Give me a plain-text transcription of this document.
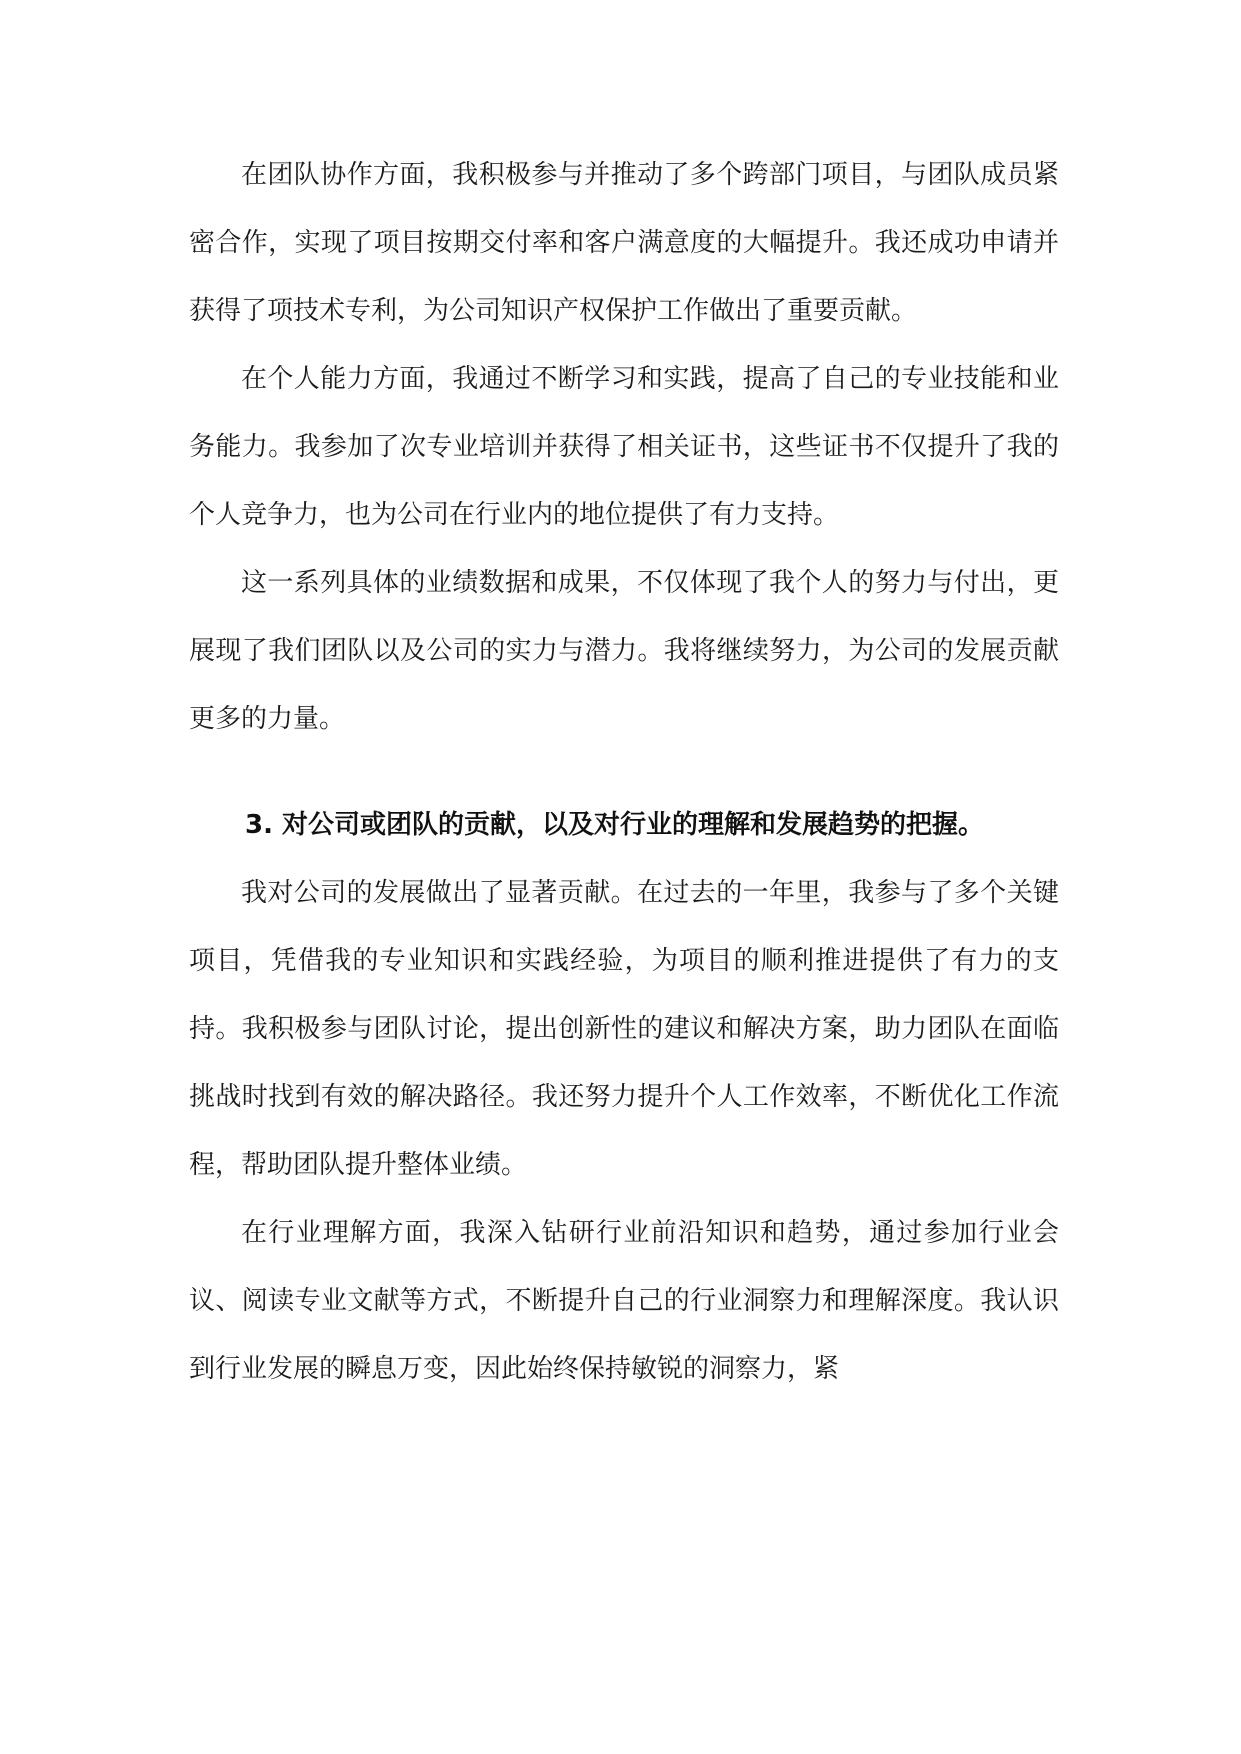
在团队协作方面，我积极参与并推动了多个跨部门项目，与团队成员紧密合作，实现了项目按期交付率和客户满意度的大幅提升。我还成功申请并获得了项技术专利，为公司知识产权保护工作做出了重要贡献。

在个人能力方面，我通过不断学习和实践，提高了自己的专业技能和业务能力。我参加了次专业培训并获得了相关证书，这些证书不仅提升了我的个人竞争力，也为公司在行业内的地位提供了有力支持。

这一系列具体的业绩数据和成果，不仅体现了我个人的努力与付出，更展现了我们团队以及公司的实力与潜力。我将继续努力，为公司的发展贡献更多的力量。

3. 对公司或团队的贡献，以及对行业的理解和发展趋势的把握。

我对公司的发展做出了显著贡献。在过去的一年里，我参与了多个关键项目，凭借我的专业知识和实践经验，为项目的顺利推进提供了有力的支持。我积极参与团队讨论，提出创新性的建议和解决方案，助力团队在面临挑战时找到有效的解决路径。我还努力提升个人工作效率，不断优化工作流程，帮助团队提升整体业绩。

在行业理解方面，我深入钻研行业前沿知识和趋势，通过参加行业会议、阅读专业文献等方式，不断提升自己的行业洞察力和理解深度。我认识到行业发展的瞬息万变，因此始终保持敏锐的洞察力，紧
